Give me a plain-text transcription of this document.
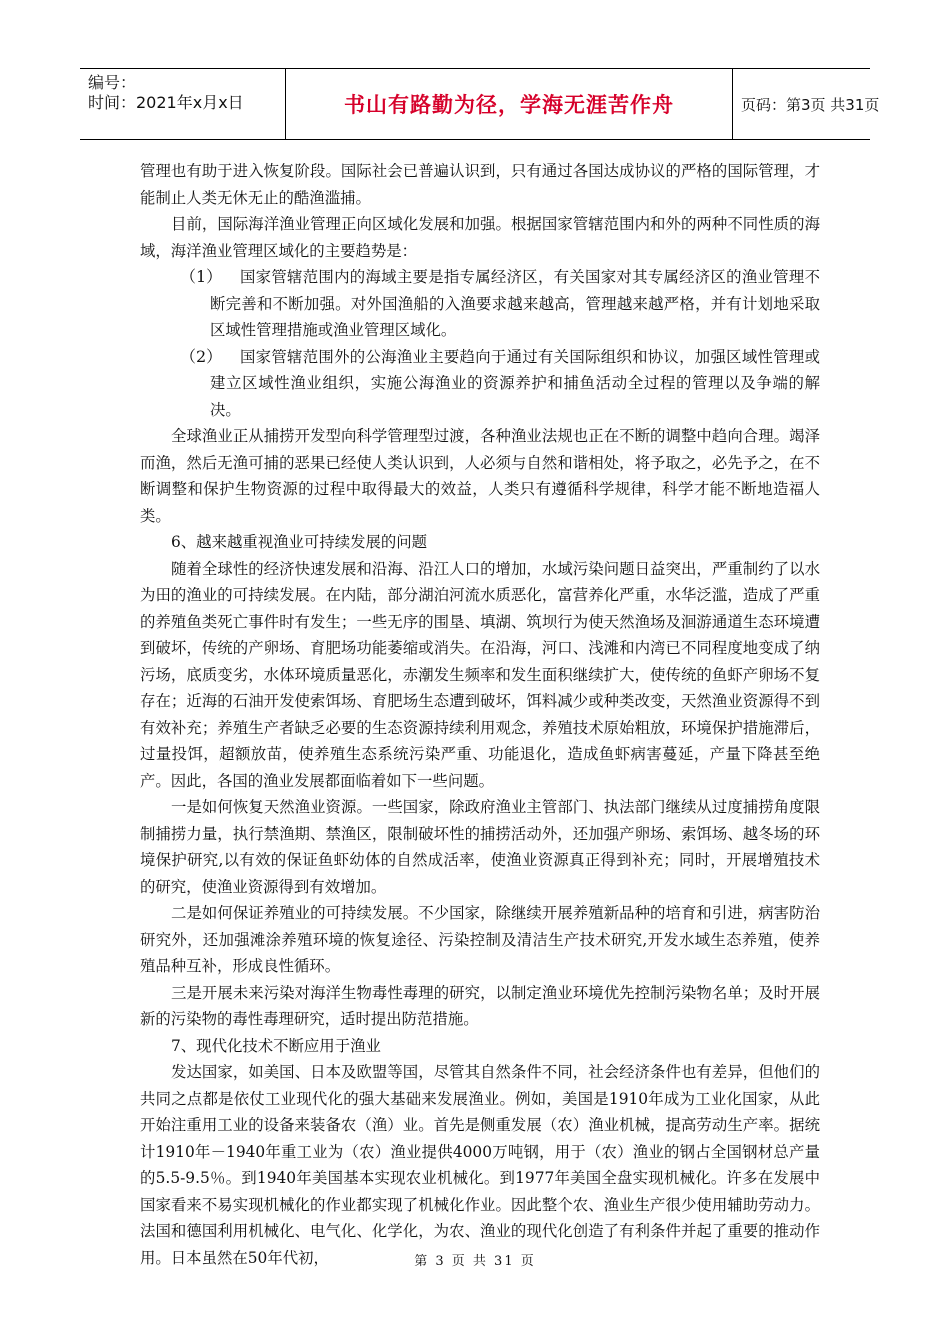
编号：
时间：2021年x月x日	书山有路勤为径，学海无涯苦作舟	页码：第3页 共31页

管理也有助于进入恢复阶段。国际社会已普遍认识到，只有通过各国达成协议的严格的国际管理，才能制止人类无休无止的酷渔滥捕。

目前，国际海洋渔业管理正向区域化发展和加强。根据国家管辖范围内和外的两种不同性质的海域，海洋渔业管理区域化的主要趋势是：

（1）	国家管辖范围内的海域主要是指专属经济区，有关国家对其专属经济区的渔业管理不断完善和不断加强。对外国渔船的入渔要求越来越高，管理越来越严格，并有计划地采取区域性管理措施或渔业管理区域化。

（2）	国家管辖范围外的公海渔业主要趋向于通过有关国际组织和协议，加强区域性管理或建立区域性渔业组织，实施公海渔业的资源养护和捕鱼活动全过程的管理以及争端的解决。

全球渔业正从捕捞开发型向科学管理型过渡，各种渔业法规也正在不断的调整中趋向合理。竭泽而渔，然后无渔可捕的恶果已经使人类认识到，人必须与自然和谐相处，将予取之，必先予之，在不断调整和保护生物资源的过程中取得最大的效益，人类只有遵循科学规律，科学才能不断地造福人类。

6、越来越重视渔业可持续发展的问题

随着全球性的经济快速发展和沿海、沿江人口的增加，水域污染问题日益突出，严重制约了以水为田的渔业的可持续发展。在内陆，部分湖泊河流水质恶化，富营养化严重，水华泛滥，造成了严重的养殖鱼类死亡事件时有发生；一些无序的围垦、填湖、筑坝行为使天然渔场及洄游通道生态环境遭到破坏，传统的产卵场、育肥场功能萎缩或消失。在沿海，河口、浅滩和内湾已不同程度地变成了纳污场，底质变劣，水体环境质量恶化，赤潮发生频率和发生面积继续扩大，使传统的鱼虾产卵场不复存在；近海的石油开发使索饵场、育肥场生态遭到破坏，饵料减少或种类改变，天然渔业资源得不到有效补充；养殖生产者缺乏必要的生态资源持续利用观念，养殖技术原始粗放，环境保护措施滞后，过量投饵，超额放苗，使养殖生态系统污染严重、功能退化，造成鱼虾病害蔓延，产量下降甚至绝产。因此，各国的渔业发展都面临着如下一些问题。

一是如何恢复天然渔业资源。一些国家，除政府渔业主管部门、执法部门继续从过度捕捞角度限制捕捞力量，执行禁渔期、禁渔区，限制破坏性的捕捞活动外，还加强产卵场、索饵场、越冬场的环境保护研究,以有效的保证鱼虾幼体的自然成活率，使渔业资源真正得到补充；同时，开展增殖技术的研究，使渔业资源得到有效增加。

二是如何保证养殖业的可持续发展。不少国家，除继续开展养殖新品种的培育和引进，病害防治研究外，还加强滩涂养殖环境的恢复途径、污染控制及清洁生产技术研究,开发水域生态养殖，使养殖品种互补，形成良性循环。

三是开展未来污染对海洋生物毒性毒理的研究，以制定渔业环境优先控制污染物名单；及时开展新的污染物的毒性毒理研究，适时提出防范措施。

7、现代化技术不断应用于渔业

发达国家，如美国、日本及欧盟等国，尽管其自然条件不同，社会经济条件也有差异，但他们的共同之点都是依仗工业现代化的强大基础来发展渔业。例如，美国是1910年成为工业化国家，从此开始注重用工业的设备来装备农（渔）业。首先是侧重发展（农）渔业机械，提高劳动生产率。据统计1910年－1940年重工业为（农）渔业提供4000万吨钢，用于（农）渔业的钢占全国钢材总产量的5.5-9.5％。到1940年美国基本实现农业机械化。到1977年美国全盘实现机械化。许多在发展中国家看来不易实现机械化的作业都实现了机械化作业。因此整个农、渔业生产很少使用辅助劳动力。法国和德国利用机械化、电气化、化学化，为农、渔业的现代化创造了有利条件并起了重要的推动作用。日本虽然在50年代初，	第 3 页 共 31 页
